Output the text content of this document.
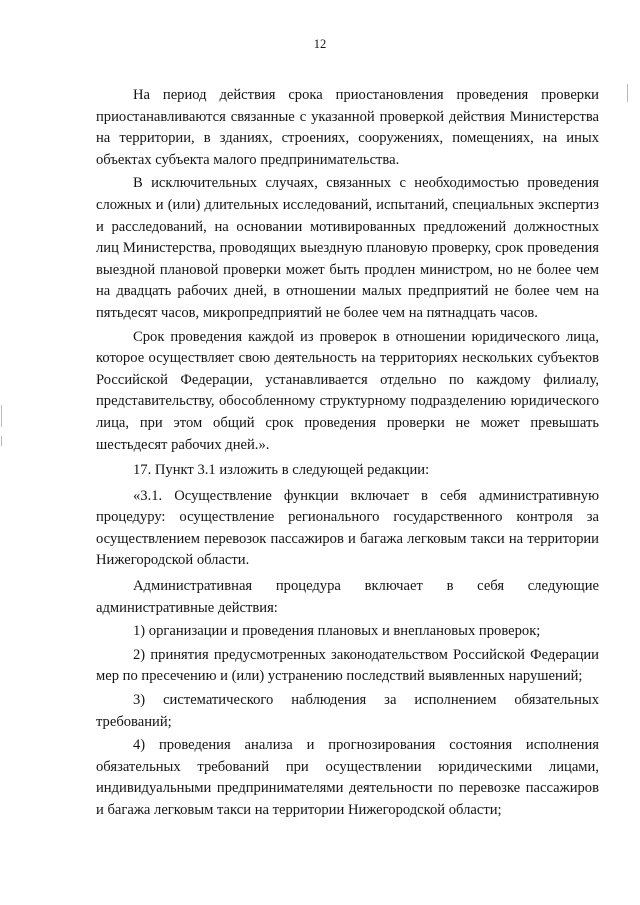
12

На период действия срока приостановления проведения проверки приостанавливаются связанные с указанной проверкой действия Министерства на территории, в зданиях, строениях, сооружениях, помещениях, на иных объектах субъекта малого предпринимательства.

В исключительных случаях, связанных с необходимостью проведения сложных и (или) длительных исследований, испытаний, специальных экспертиз и расследований, на основании мотивированных предложений должностных лиц Министерства, проводящих выездную плановую проверку, срок проведения выездной плановой проверки может быть продлен министром, но не более чем на двадцать рабочих дней, в отношении малых предприятий не более чем на пятьдесят часов, микропредприятий не более чем на пятнадцать часов.

Срок проведения каждой из проверок в отношении юридического лица, которое осуществляет свою деятельность на территориях нескольких субъектов Российской Федерации, устанавливается отдельно по каждому филиалу, представительству, обособленному структурному подразделению юридического лица, при этом общий срок проведения проверки не может превышать шестьдесят рабочих дней.».

17. Пункт 3.1 изложить в следующей редакции:

«3.1. Осуществление функции включает в себя административную процедуру: осуществление регионального государственного контроля за осуществлением перевозок пассажиров и багажа легковым такси на территории Нижегородской области.

Административная процедура включает в себя следующие административные действия:

1) организации и проведения плановых и внеплановых проверок;

2) принятия предусмотренных законодательством Российской Федерации мер по пресечению и (или) устранению последствий выявленных нарушений;

3) систематического наблюдения за исполнением обязательных требований;

4) проведения анализа и прогнозирования состояния исполнения обязательных требований при осуществлении юридическими лицами, индивидуальными предпринимателями деятельности по перевозке пассажиров и багажа легковым такси на территории Нижегородской области;
